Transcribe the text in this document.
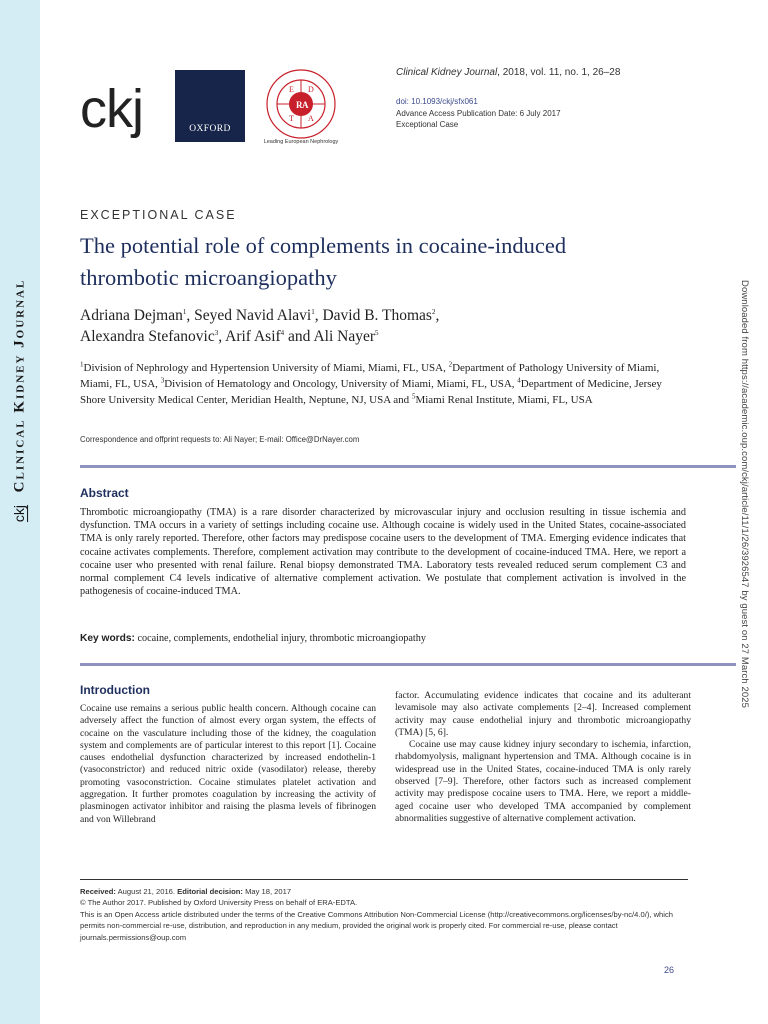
Clinical Kidney Journal
ckj	Downloaded from https://academic.oup.com/ckj/article/11/1/26/3926547 by guest on 27 March 2025
ckj	OXFORD
E D
T A
R A
Leading European Nephrology
Clinical Kidney Journal, 2018, vol. 11, no. 1, 26–28
doi: 10.1093/ckj/sfx061
Advance Access Publication Date: 6 July 2017
Exceptional Case
EXCEPTIONAL CASE
The potential role of complements in cocaine-induced
thrombotic microangiopathy
Adriana Dejman$^1$, Seyed Navid Alavi$^1$, David B. Thomas$^2$,
Alexandra Stefanovic$^3$, Arif Asif$^4$ and Ali Nayer$^5$
$^1$Division of Nephrology and Hypertension University of Miami, Miami, FL, USA, $^2$Department of Pathology University of Miami, Miami, FL, USA, $^3$Division of Hematology and Oncology, University of Miami, Miami, FL, USA, $^4$Department of Medicine, Jersey Shore University Medical Center, Meridian Health, Neptune, NJ, USA and $^5$Miami Renal Institute, Miami, FL, USA
Correspondence and offprint requests to: Ali Nayer; E-mail: Office@DrNayer.com
Abstract
Thrombotic microangiopathy (TMA) is a rare disorder characterized by microvascular injury and occlusion resulting in tissue ischemia and dysfunction. TMA occurs in a variety of settings including cocaine use. Although cocaine is widely used in the United States, cocaine-associated TMA is only rarely reported. Therefore, other factors may predispose cocaine users to the development of TMA. Emerging evidence indicates that cocaine activates complements. Therefore, complement activation may contribute to the development of cocaine-induced TMA. Here, we report a cocaine user who presented with renal failure. Renal biopsy demonstrated TMA. Laboratory tests revealed reduced serum complement C3 and normal complement C4 levels indicative of alternative complement activation. We postulate that complement activation is involved in the pathogenesis of cocaine-induced TMA.
Key words: cocaine, complements, endothelial injury, thrombotic microangiopathy
Introduction

Cocaine use remains a serious public health concern. Although cocaine can adversely affect the function of almost every organ system, the effects of cocaine on the vasculature including those of the kidney, the coagulation system and complements are of particular interest to this report [1]. Cocaine causes endothelial dysfunction characterized by increased endothelin-1 (vasoconstrictor) and reduced nitric oxide (vasodilator) release, thereby promoting vasoconstriction. Cocaine stimulates platelet activation and aggregation. It further promotes coagulation by increasing the activity of plasminogen activator inhibitor and raising the plasma levels of fibrinogen and von Willebrand

factor. Accumulating evidence indicates that cocaine and its adulterant levamisole may also activate complements [2–4]. Increased complement activity may cause endothelial injury and thrombotic microangiopathy (TMA) [5, 6].

Cocaine use may cause kidney injury secondary to ischemia, infarction, rhabdomyolysis, malignant hypertension and TMA. Although cocaine is in widespread use in the United States, cocaine-induced TMA is only rarely observed [7–9]. Therefore, other factors such as increased complement activity may predispose cocaine users to TMA. Here, we report a middle-aged cocaine user who developed TMA accompanied by complement abnormalities suggestive of alternative complement activation.

Received: August 21, 2016. Editorial decision: May 18, 2017
© The Author 2017. Published by Oxford University Press on behalf of ERA-EDTA.
This is an Open Access article distributed under the terms of the Creative Commons Attribution Non-Commercial License (http://creativecommons.org/licenses/by-nc/4.0/), which permits non-commercial re-use, distribution, and reproduction in any medium, provided the original work is properly cited. For commercial re-use, please contact journals.permissions@oup.com
26
